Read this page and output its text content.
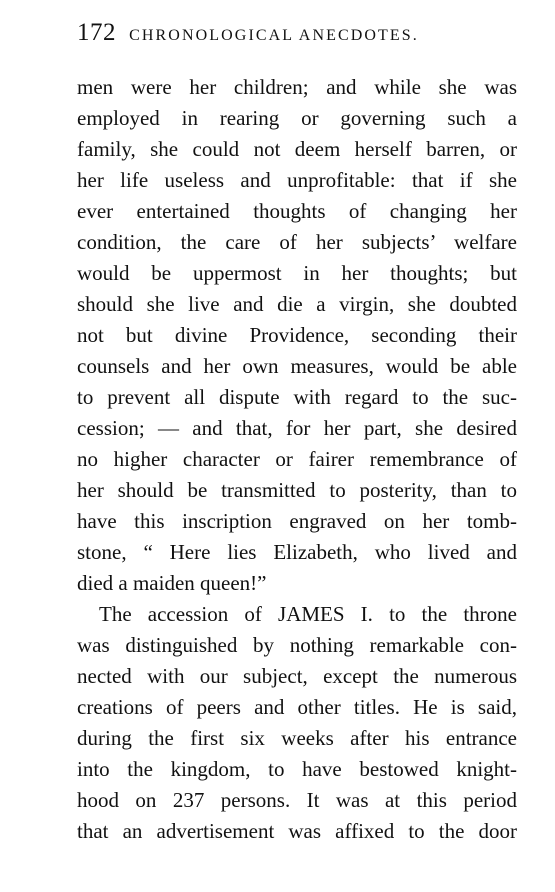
172 CHRONOLOGICAL ANECDOTES.
men were her children; and while she was
employed in rearing or governing such a
family, she could not deem herself barren, or
her life useless and unprofitable: that if she
ever entertained thoughts of changing her
condition, the care of her subjects’ welfare
would be uppermost in her thoughts; but
should she live and die a virgin, she doubted
not but divine Providence, seconding their
counsels and her own measures, would be able
to prevent all dispute with regard to the suc-
cession; — and that, for her part, she desired
no higher character or fairer remembrance of
her should be transmitted to posterity, than to
have this inscription engraved on her tomb-
stone, “ Here lies Elizabeth, who lived and
died a maiden queen!”
The accession of JAMES I. to the throne
was distinguished by nothing remarkable con-
nected with our subject, except the numerous
creations of peers and other titles. He is said,
during the first six weeks after his entrance
into the kingdom, to have bestowed knight-
hood on 237 persons. It was at this period
that an advertisement was affixed to the door
